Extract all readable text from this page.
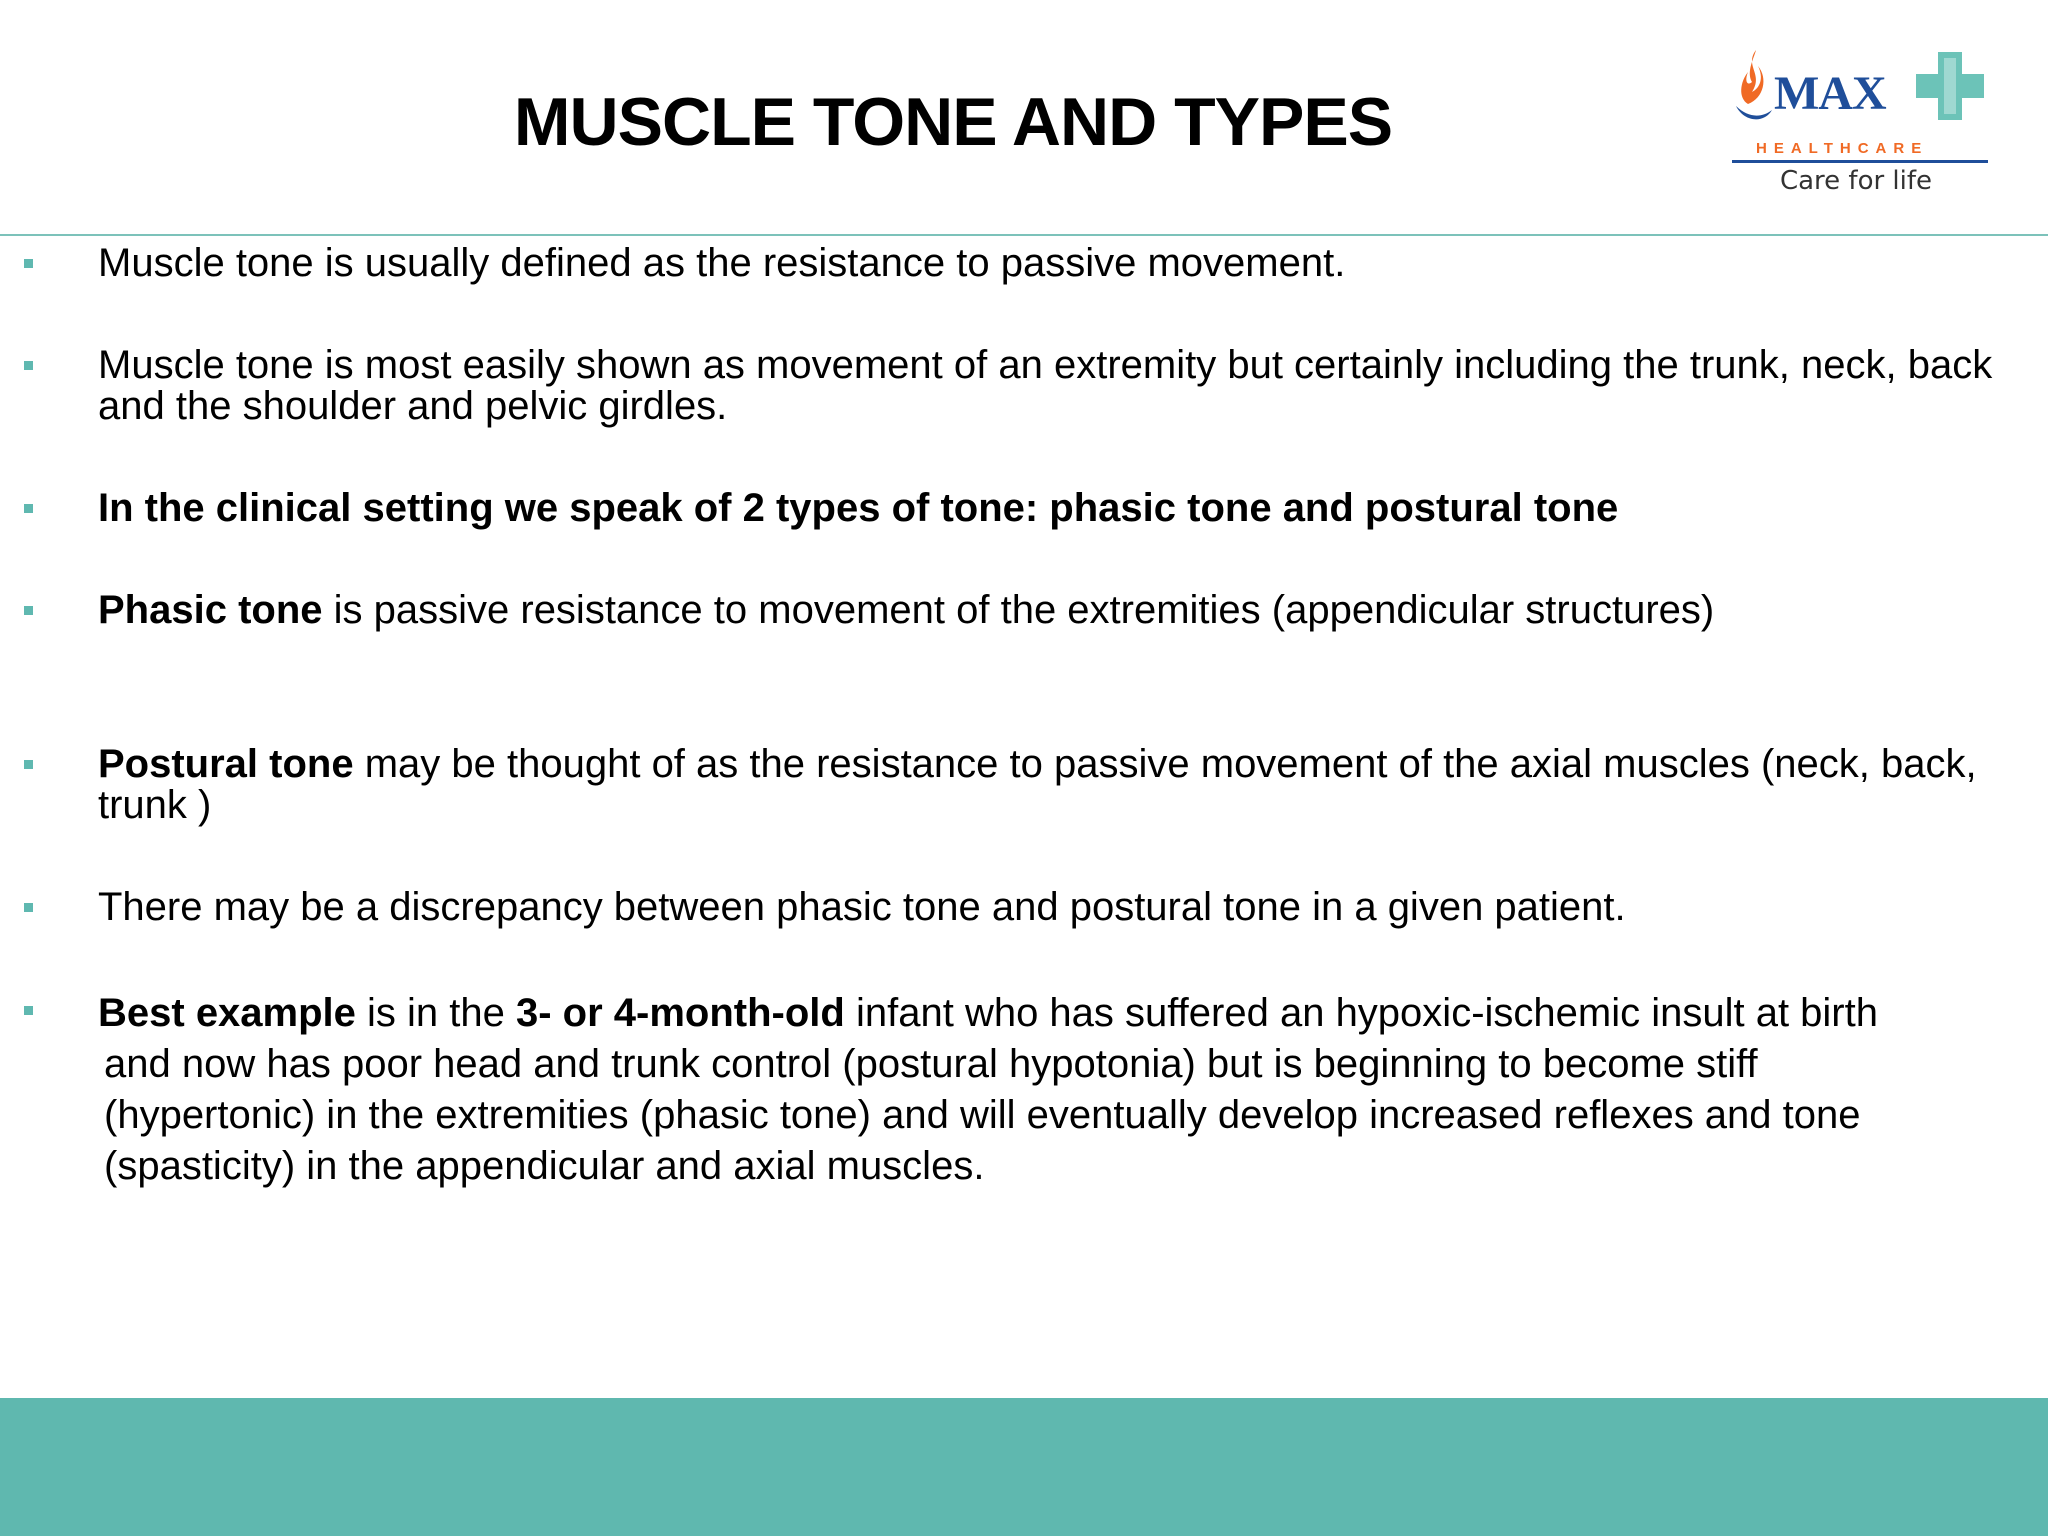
MUSCLE TONE AND TYPES	MAX
HEALTHCARE
Care for life
Muscle tone is usually defined as the resistance to passive movement.
Muscle tone is most easily shown as movement of an extremity but certainly including the trunk, neck, back and the shoulder and pelvic girdles.
In the clinical setting we speak of 2 types of tone: phasic tone and postural tone
Phasic tone is passive resistance to movement of the extremities (appendicular structures)
Postural tone may be thought of as the resistance to passive movement of the axial muscles (neck, back, trunk )
There may be a discrepancy between phasic tone and postural tone in a given patient.
Best example is in the 3- or 4-month-old infant who has suffered an hypoxic-ischemic insult at birth
and now has poor head and trunk control (postural hypotonia) but is beginning to become stiff
(hypertonic) in the extremities (phasic tone) and will eventually develop increased reflexes and tone
(spasticity) in the appendicular and axial muscles.
